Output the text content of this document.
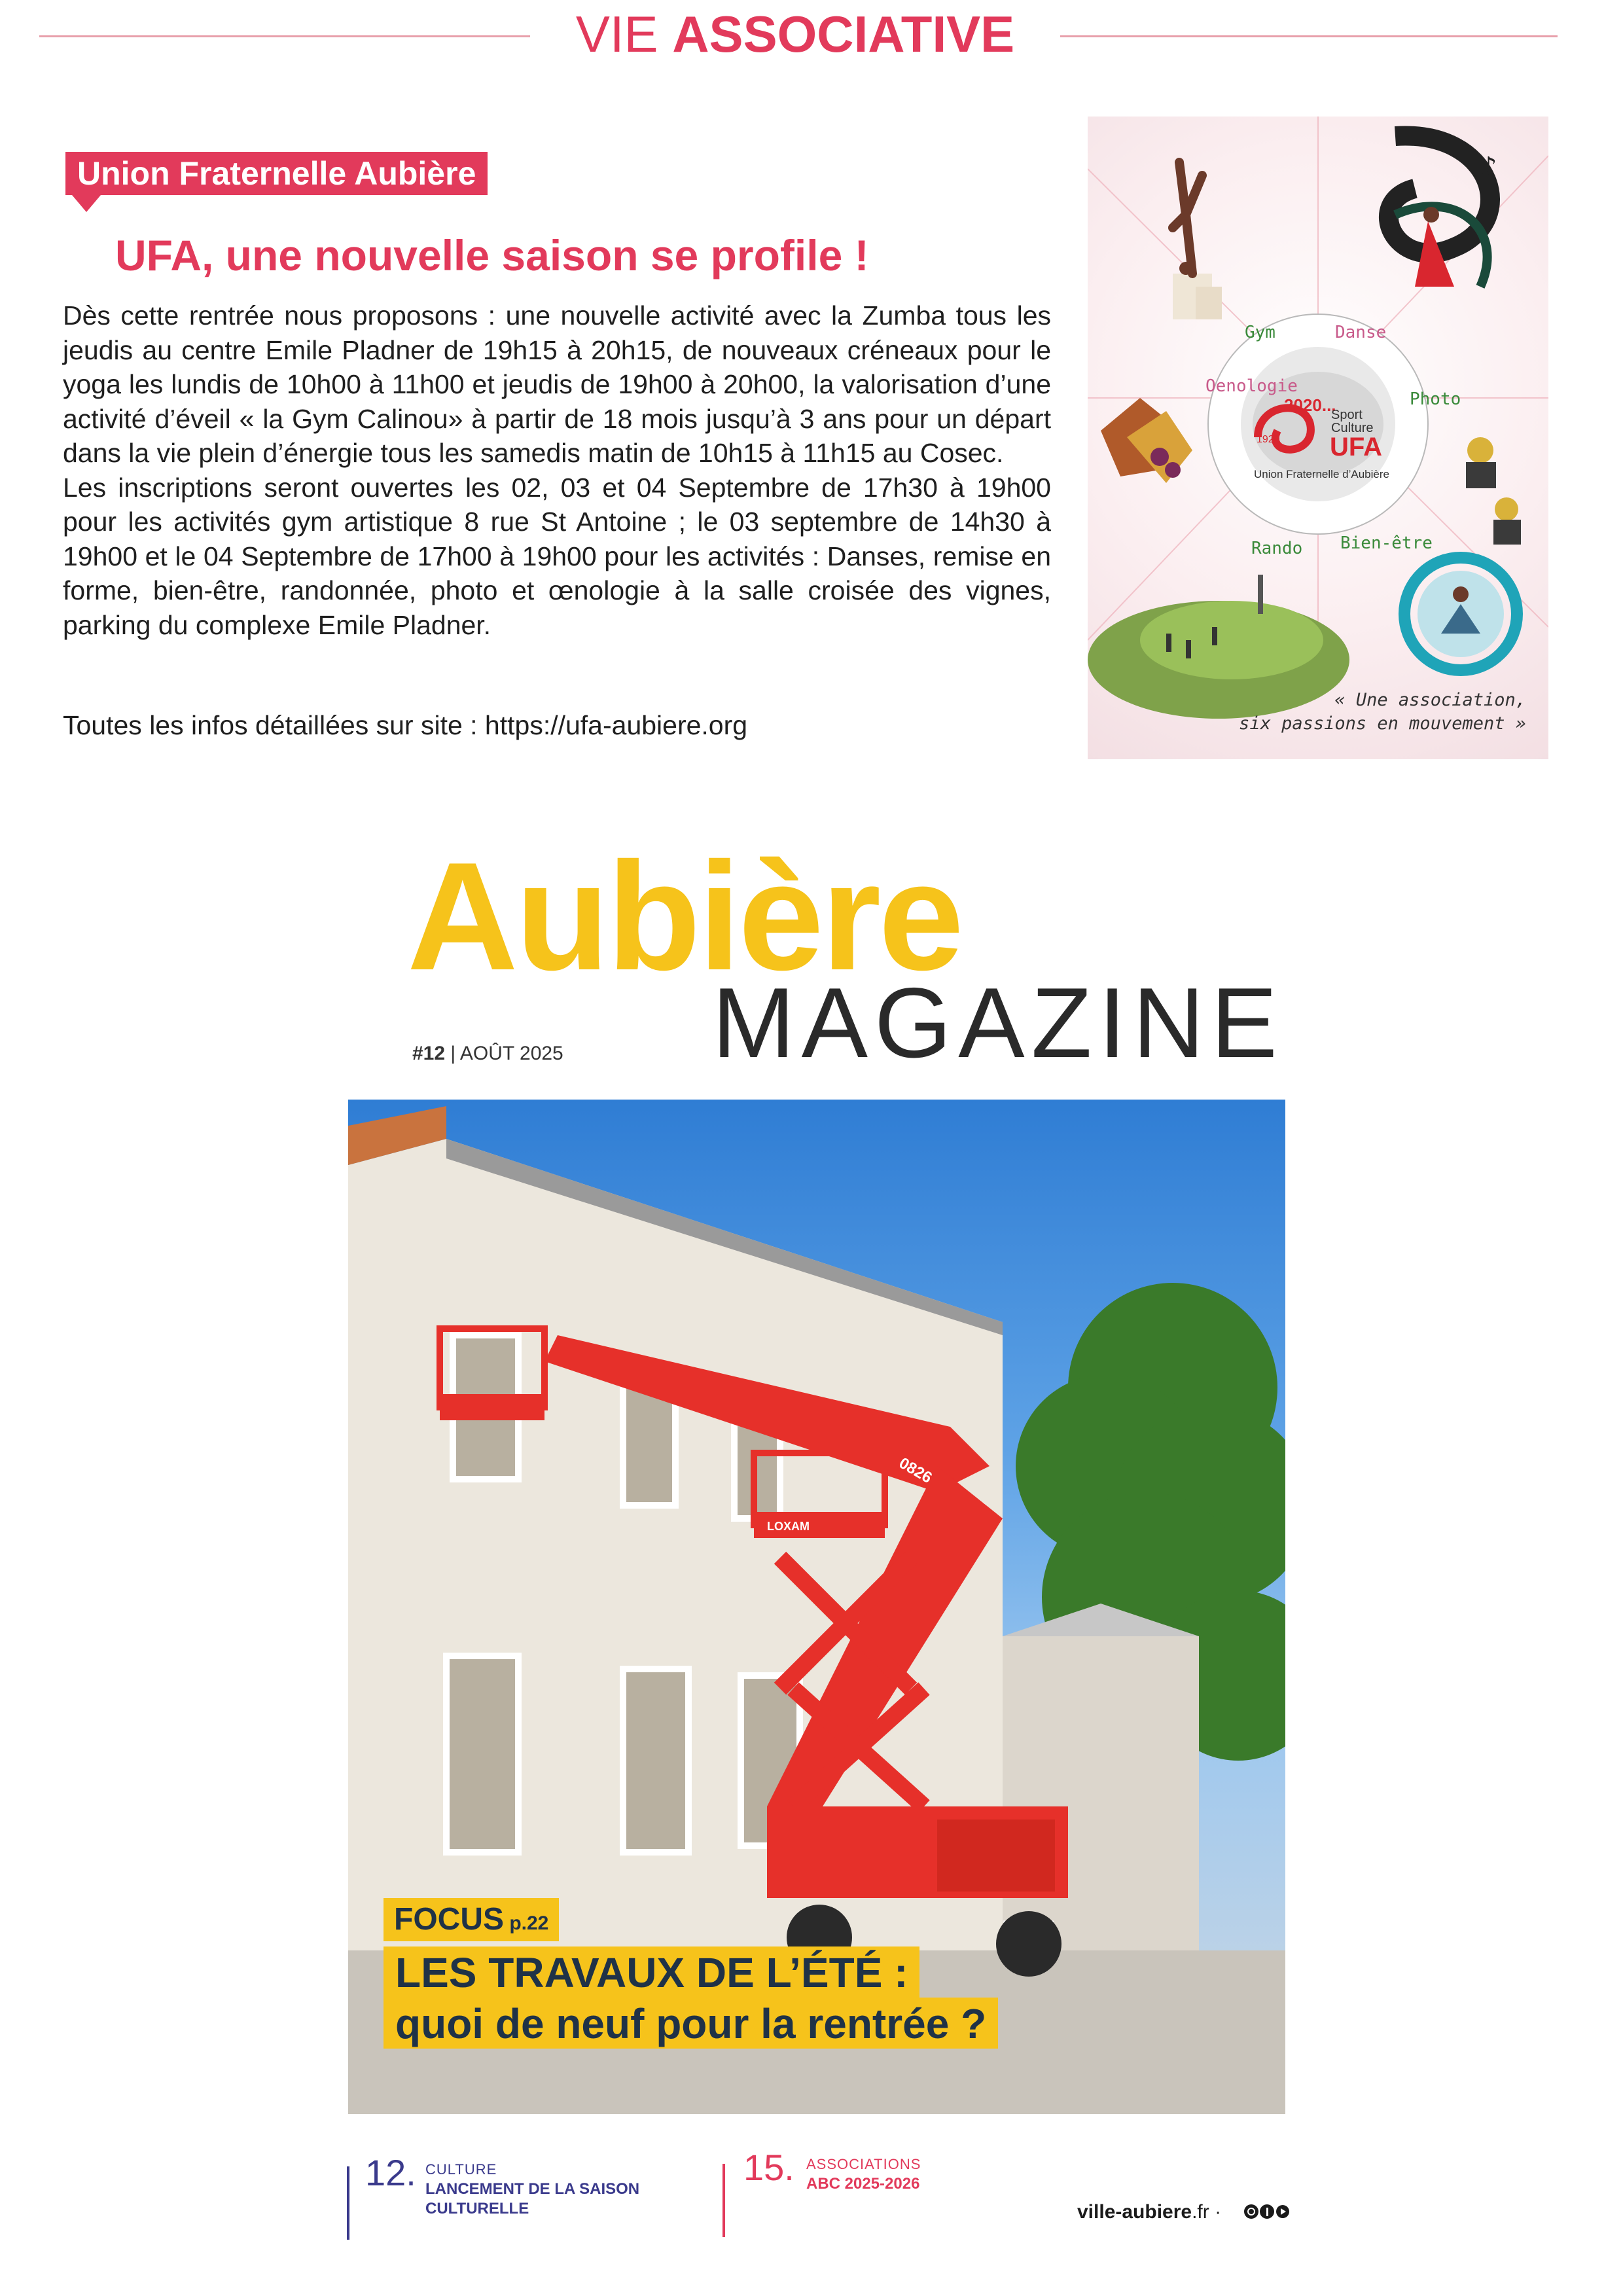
VIE ASSOCIATIVE
Union Fraternelle Aubière
UFA, une nouvelle saison se profile !

Dès cette rentrée nous proposons : une nouvelle activité avec la Zumba tous les jeudis au centre Emile Pladner de 19h15 à 20h15, de nouveaux créneaux pour le yoga les lundis de 10h00 à 11h00 et jeudis de 19h00 à 20h00, la valorisation d’une activité d’éveil « la Gym Calinou» à partir de 18 mois jusqu’à 3 ans pour un départ dans la vie plein d’énergie tous les samedis matin de 10h15 à 11h15 au Cosec.

Les inscriptions seront ouvertes les 02, 03 et 04 Septembre de 17h30 à 19h00 pour les activités gym artistique 8 rue St Antoine ; le 03 septembre de 14h30 à 19h00 et le 04 Septembre de 17h00 à 19h00 pour les activités : Danses, remise en forme, bien-être, randonnée, photo et œnologie à la salle croisée des vignes, parking du complexe Emile Pladner.

Toutes les infos détaillées sur site : https://ufa-aubiere.org
♪
2020...
1920
Sport
Culture
UFA
Union Fraternelle d’Aubière
Gym	Danse
Photo
Bien-être
Rando
Oenologie
« Une association,
six passions en mouvement »
Aubière
MAGAZINE
#12 | AOÛT 2025
LOXAM
FOCUS p.22
LES TRAVAUX DE L’ÉTÉ :
quoi de neuf pour la rentrée ?
12. CULTURE
LANCEMENT DE LA SAISON CULTURELLE
15. ASSOCIATIONS
ABC 2025-2026
ville-aubiere.fr ·
